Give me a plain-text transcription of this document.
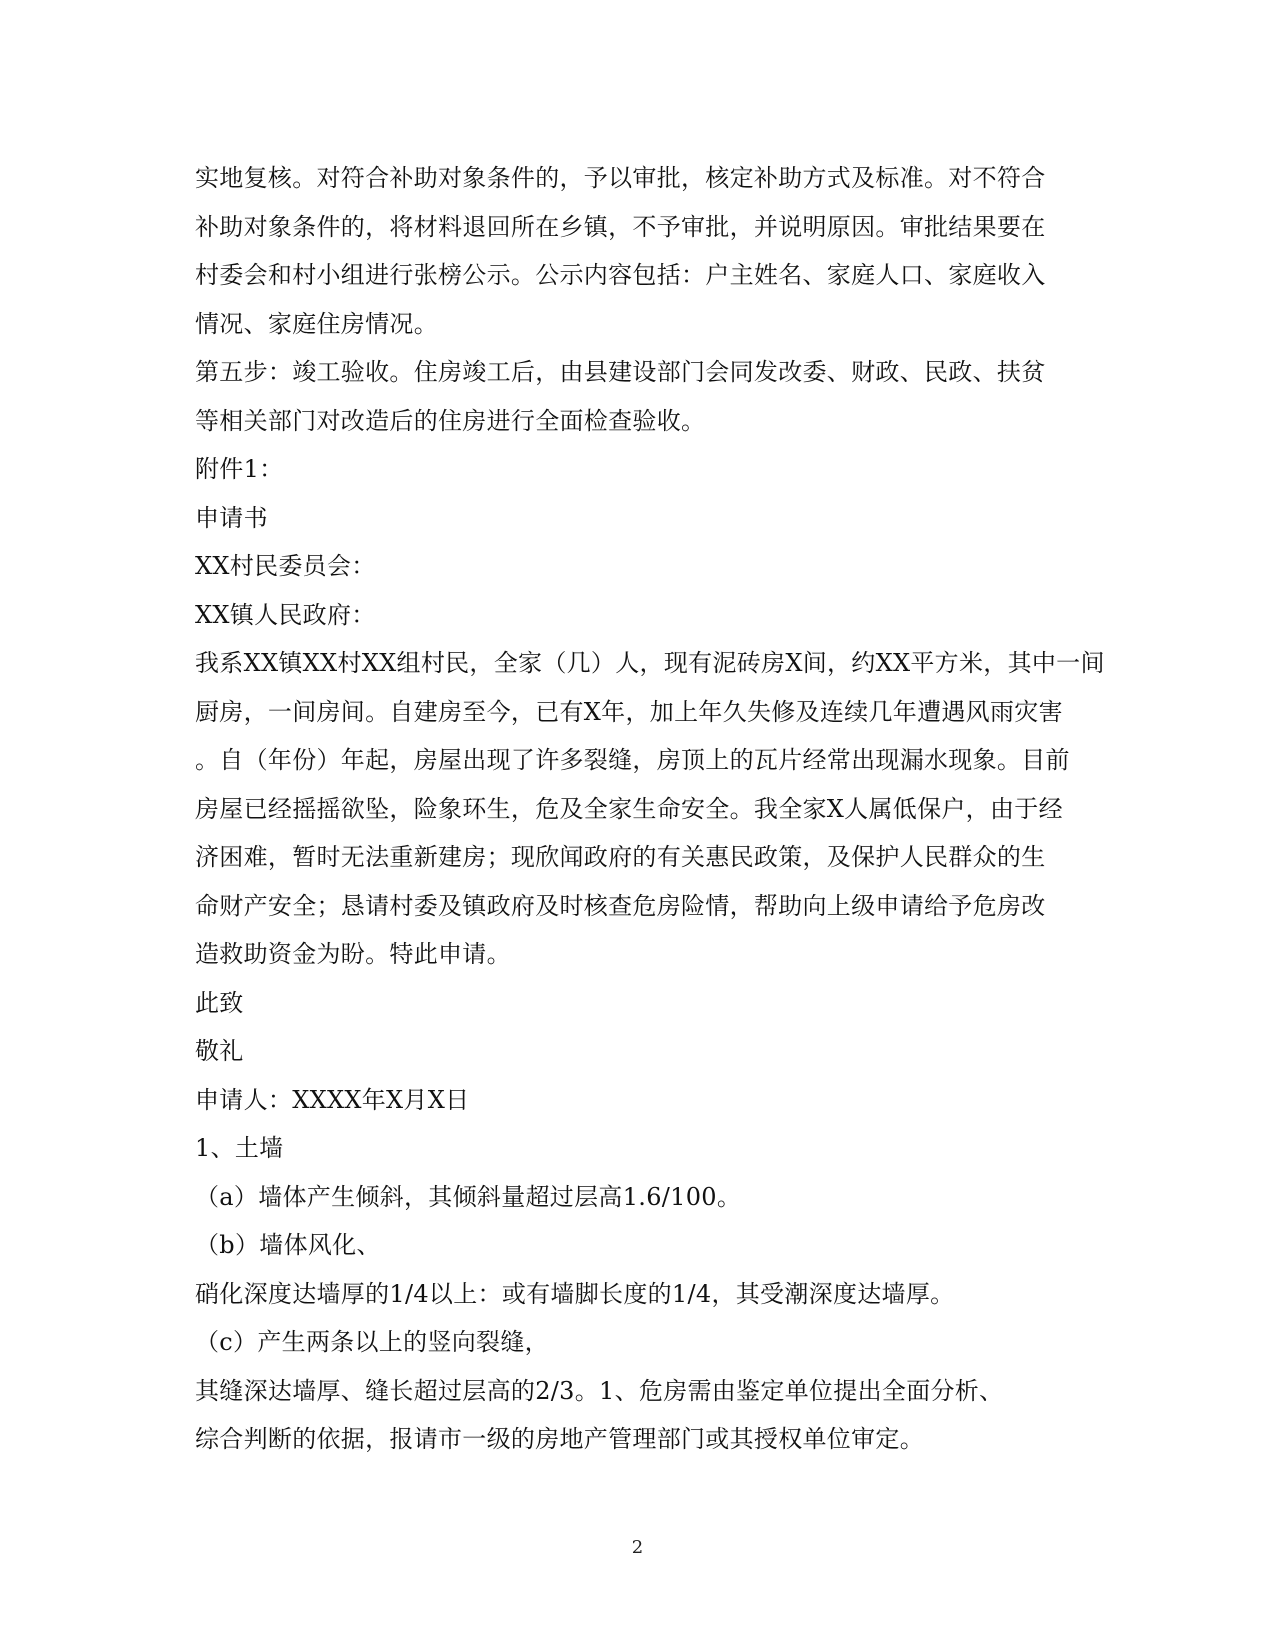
实地复核。对符合补助对象条件的，予以审批，核定补助方式及标准。对不符合
补助对象条件的，将材料退回所在乡镇，不予审批，并说明原因。审批结果要在
村委会和村小组进行张榜公示。公示内容包括：户主姓名、家庭人口、家庭收入
情况、家庭住房情况。
第五步：竣工验收。住房竣工后，由县建设部门会同发改委、财政、民政、扶贫
等相关部门对改造后的住房进行全面检查验收。
附件1：
申请书
XX村民委员会：
XX镇人民政府：
我系XX镇XX村XX组村民，全家（几）人，现有泥砖房X间，约XX平方米，其中一间
厨房，一间房间。自建房至今，已有X年，加上年久失修及连续几年遭遇风雨灾害
。自（年份）年起，房屋出现了许多裂缝，房顶上的瓦片经常出现漏水现象。目前
房屋已经摇摇欲坠，险象环生，危及全家生命安全。我全家X人属低保户，由于经
济困难，暂时无法重新建房；现欣闻政府的有关惠民政策，及保护人民群众的生
命财产安全；恳请村委及镇政府及时核查危房险情，帮助向上级申请给予危房改
造救助资金为盼。特此申请。
此致
敬礼
申请人：XXXX年X月X日
1、土墙
（a）墙体产生倾斜，其倾斜量超过层高1.6/100。
（b）墙体风化、
硝化深度达墙厚的1/4以上：或有墙脚长度的1/4，其受潮深度达墙厚。
（c）产生两条以上的竖向裂缝，
其缝深达墙厚、缝长超过层高的2/3。1、危房需由鉴定单位提出全面分析、
综合判断的依据，报请市一级的房地产管理部门或其授权单位审定。
2
